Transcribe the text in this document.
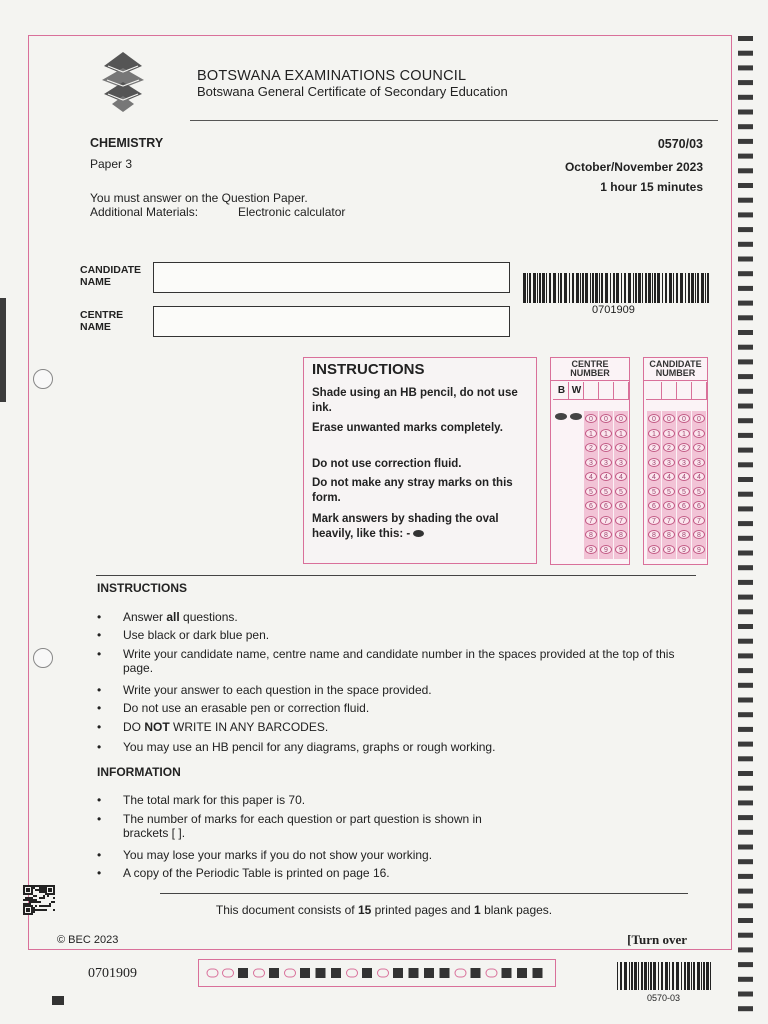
BOTSWANA EXAMINATIONS COUNCIL
Botswana General Certificate of Secondary Education
CHEMISTRY
Paper 3
0570/03
October/November 2023
1 hour 15 minutes
You must answer on the Question Paper.
Additional Materials:	Electronic calculator
CANDIDATE
NAME
CENTRE
NAME
0701909
INSTRUCTIONS
Shade using an HB pencil, do not use ink.
Erase unwanted marks completely.
Do not use correction fluid.
Do not make any stray marks on this form.
Mark answers by shading the oval heavily, like this: -
CENTRE
NUMBER
B W
0
1
2
3
4
5
6
7
8
9
0
1
2
3
4
5
6
7
8
9
0
1
2
3
4
5
6
7
8
9
CANDIDATE
NUMBER
0
1
2
3
4
5
6
7
8
9
0
1
2
3
4
5
6
7
8
9
0
1
2
3
4
5
6
7
8
9
0
1
2
3
4
5
6
7
8
9
INSTRUCTIONS
• Answer all questions.
• Use black or dark blue pen.
• Write your candidate name, centre name and candidate number in the spaces provided at the top of this page.
• Write your answer to each question in the space provided.
• Do not use an erasable pen or correction fluid.
• DO NOT WRITE IN ANY BARCODES.
• You may use an HB pencil for any diagrams, graphs or rough working.
INFORMATION
• The total mark for this paper is 70.
• The number of marks for each question or part question is shown in brackets [ ].
• You may lose your marks if you do not show your working.
• A copy of the Periodic Table is printed on page 16.
This document consists of 15 printed pages and 1 blank pages.
© BEC 2023	[Turn over
0701909
0570-03
